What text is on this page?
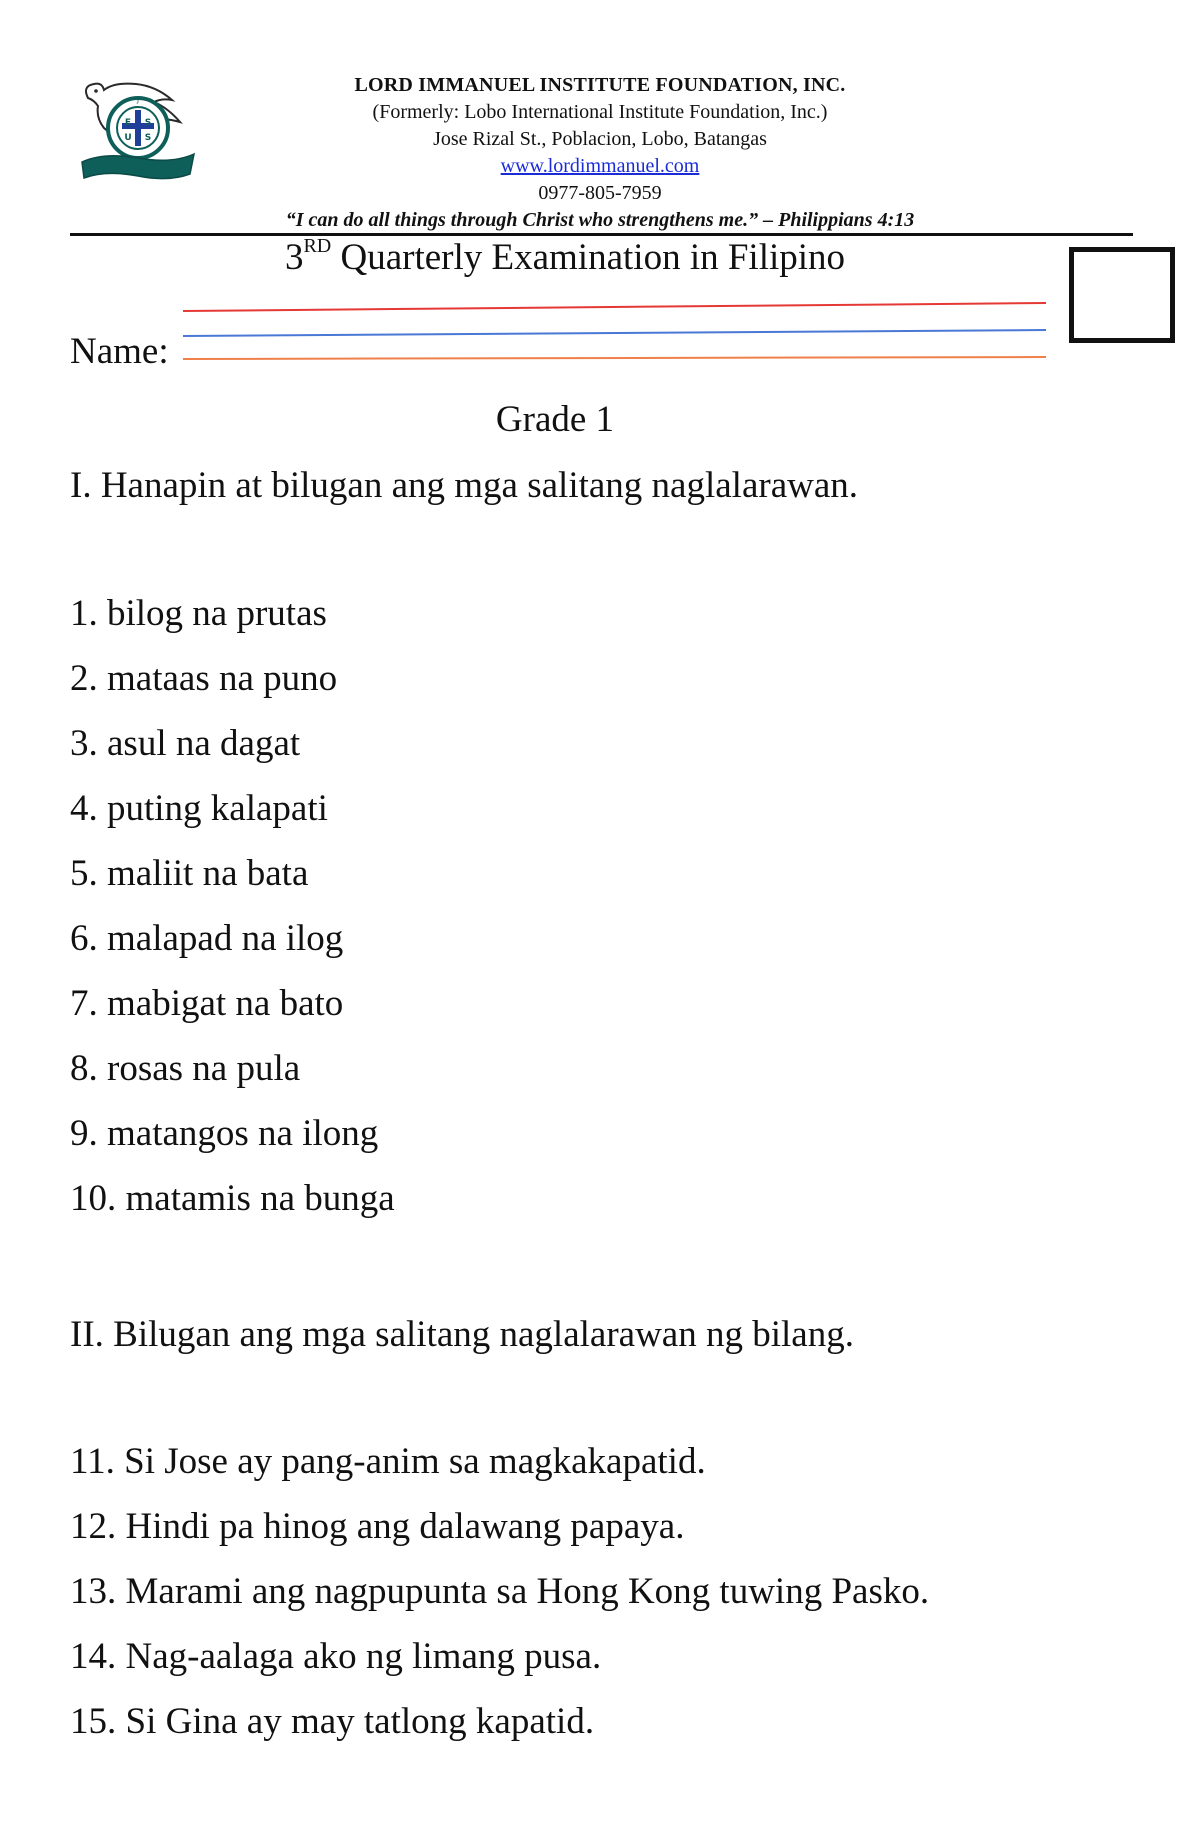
J
E S
U S
LORD IMMANUEL INSTITUTE FOUNDATION, INC.
(Formerly: Lobo International Institute Foundation, Inc.)
Jose Rizal St., Poblacion, Lobo, Batangas
www.lordimmanuel.com
0977-805-7959
“I can do all things through Christ who strengthens me.” – Philippians 4:13
3RD Quarterly Examination in Filipino
Name:
Grade 1
I. Hanapin at bilugan ang mga salitang naglalarawan.
1. bilog na prutas
2. mataas na puno
3. asul na dagat
4. puting kalapati
5. maliit na bata
6. malapad na ilog
7. mabigat na bato
8. rosas na pula
9. matangos na ilong
10. matamis na bunga
II. Bilugan ang mga salitang naglalarawan ng bilang.
11. Si Jose ay pang-anim sa magkakapatid.
12. Hindi pa hinog ang dalawang papaya.
13. Marami ang nagpupunta sa Hong Kong tuwing Pasko.
14. Nag-aalaga ako ng limang pusa.
15. Si Gina ay may tatlong kapatid.
